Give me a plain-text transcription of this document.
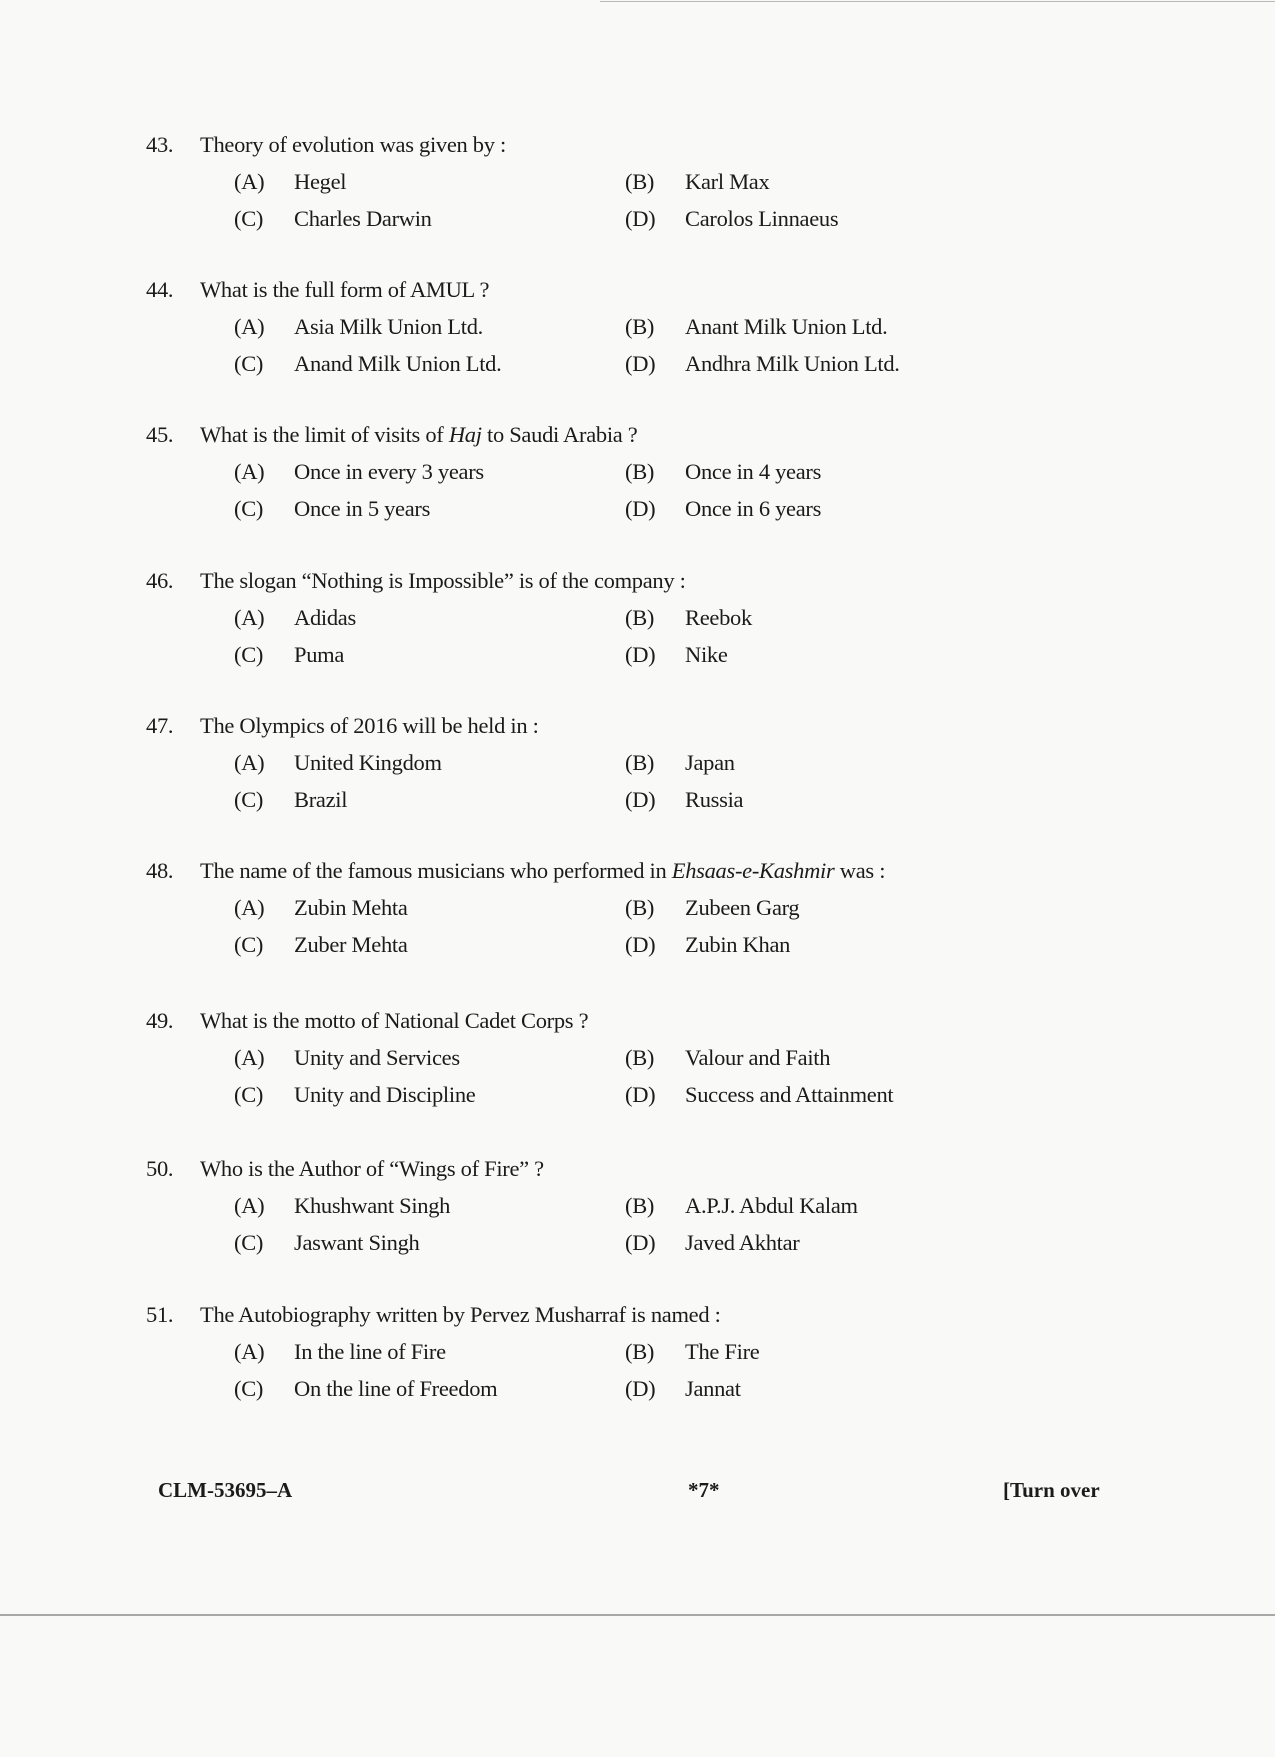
43. Theory of evolution was given by :
(A) Hegel	(B) Karl Max
(C) Charles Darwin	(D) Carolos Linnaeus
44. What is the full form of AMUL ?
(A) Asia Milk Union Ltd.	(B) Anant Milk Union Ltd.
(C) Anand Milk Union Ltd.	(D) Andhra Milk Union Ltd.
45. What is the limit of visits of Haj to Saudi Arabia ?
(A) Once in every 3 years	(B) Once in 4 years
(C) Once in 5 years	(D) Once in 6 years
46. The slogan “Nothing is Impossible” is of the company :
(A) Adidas	(B) Reebok
(C) Puma	(D) Nike
47. The Olympics of 2016 will be held in :
(A) United Kingdom	(B) Japan
(C) Brazil	(D) Russia
48. The name of the famous musicians who performed in Ehsaas-e-Kashmir was :
(A) Zubin Mehta	(B) Zubeen Garg
(C) Zuber Mehta	(D) Zubin Khan
49. What is the motto of National Cadet Corps ?
(A) Unity and Services	(B) Valour and Faith
(C) Unity and Discipline	(D) Success and Attainment
50. Who is the Author of “Wings of Fire” ?
(A) Khushwant Singh	(B) A.P.J. Abdul Kalam
(C) Jaswant Singh	(D) Javed Akhtar
51. The Autobiography written by Pervez Musharraf is named :
(A) In the line of Fire	(B) The Fire
(C) On the line of Freedom	(D) Jannat
CLM-53695–A	*7*	[Turn over
